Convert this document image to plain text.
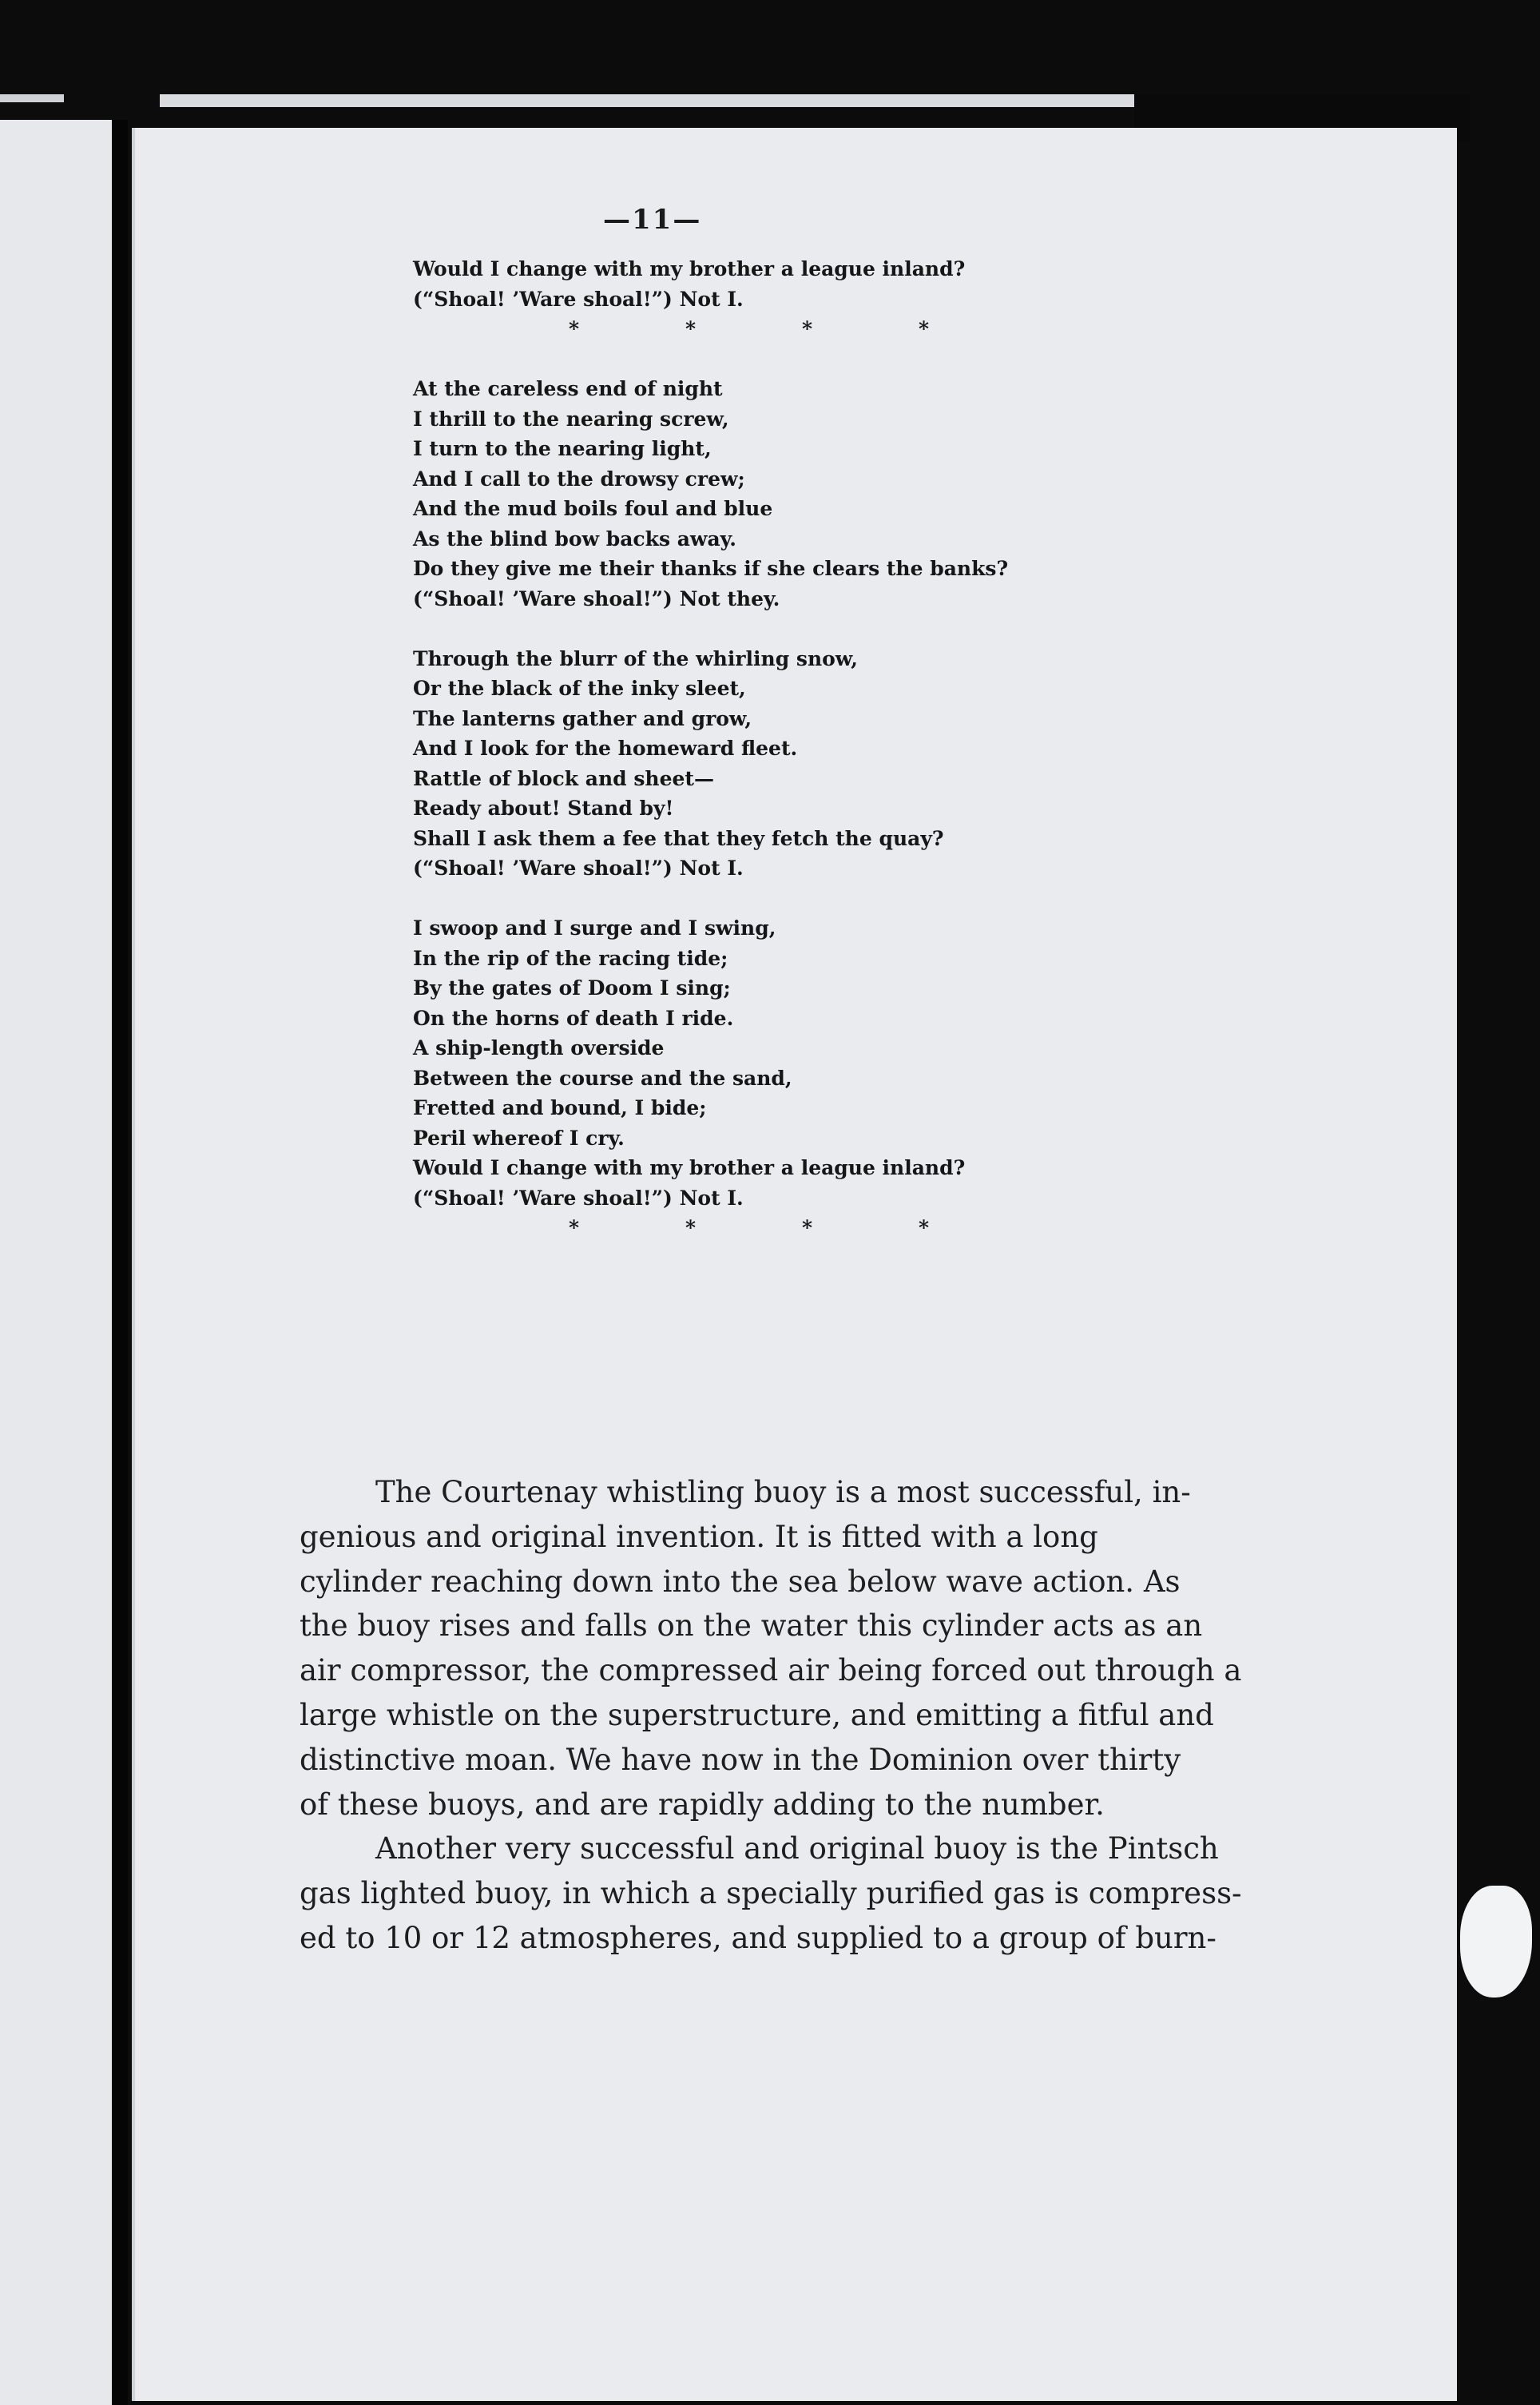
—11—
Would I change with my brother a league inland?
(“Shoal! ’Ware shoal!”) Not I.
*	*	*	*
At the careless end of night
I thrill to the nearing screw,
I turn to the nearing light,
And I call to the drowsy crew;
And the mud boils foul and blue
As the blind bow backs away.
Do they give me their thanks if she clears the banks?
(“Shoal! ’Ware shoal!”) Not they.
Through the blurr of the whirling snow,
Or the black of the inky sleet,
The lanterns gather and grow,
And I look for the homeward fleet.
Rattle of block and sheet—
Ready about! Stand by!
Shall I ask them a fee that they fetch the quay?
(“Shoal! ’Ware shoal!”) Not I.
I swoop and I surge and I swing,
In the rip of the racing tide;
By the gates of Doom I sing;
On the horns of death I ride.
A ship-length overside
Between the course and the sand,
Fretted and bound, I bide;
Peril whereof I cry.
Would I change with my brother a league inland?
(“Shoal! ’Ware shoal!”) Not I.
*	*	*	*
The Courtenay whistling buoy is a most successful, in-
genious and original invention. It is fitted with a long
cylinder reaching down into the sea below wave action. As
the buoy rises and falls on the water this cylinder acts as an
air compressor, the compressed air being forced out through a
large whistle on the superstructure, and emitting a fitful and
distinctive moan. We have now in the Dominion over thirty
of these buoys, and are rapidly adding to the number.
Another very successful and original buoy is the Pintsch
gas lighted buoy, in which a specially purified gas is compress-
ed to 10 or 12 atmospheres, and supplied to a group of burn-
